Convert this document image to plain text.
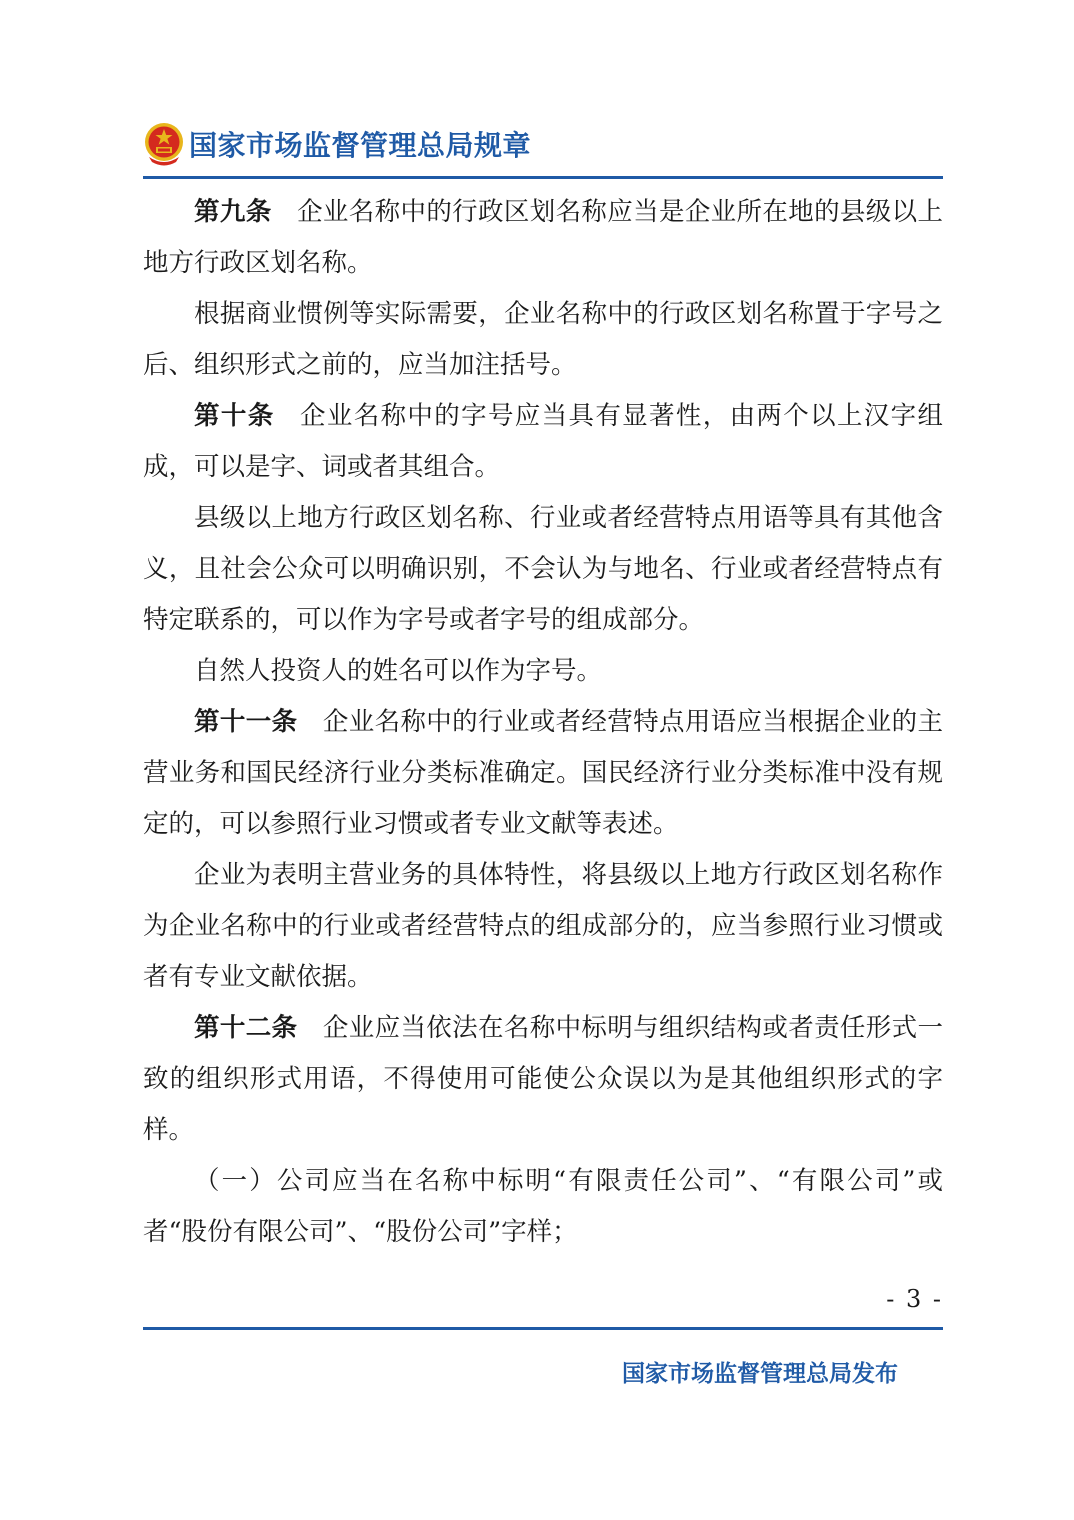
国家市场监督管理总局规章

第九条 企业名称中的行政区划名称应当是企业所在地的县级以上地方行政区划名称。

根据商业惯例等实际需要，企业名称中的行政区划名称置于字号之后、组织形式之前的，应当加注括号。

第十条 企业名称中的字号应当具有显著性，由两个以上汉字组成，可以是字、词或者其组合。

县级以上地方行政区划名称、行业或者经营特点用语等具有其他含义，且社会公众可以明确识别，不会认为与地名、行业或者经营特点有特定联系的，可以作为字号或者字号的组成部分。

自然人投资人的姓名可以作为字号。

第十一条 企业名称中的行业或者经营特点用语应当根据企业的主营业务和国民经济行业分类标准确定。国民经济行业分类标准中没有规定的，可以参照行业习惯或者专业文献等表述。

企业为表明主营业务的具体特性，将县级以上地方行政区划名称作为企业名称中的行业或者经营特点的组成部分的，应当参照行业习惯或者有专业文献依据。

第十二条 企业应当依法在名称中标明与组织结构或者责任形式一致的组织形式用语，不得使用可能使公众误以为是其他组织形式的字样。

（一）公司应当在名称中标明“有限责任公司”、“有限公司”或者“股份有限公司”、“股份公司”字样；

- 3 -
国家市场监督管理总局发布
